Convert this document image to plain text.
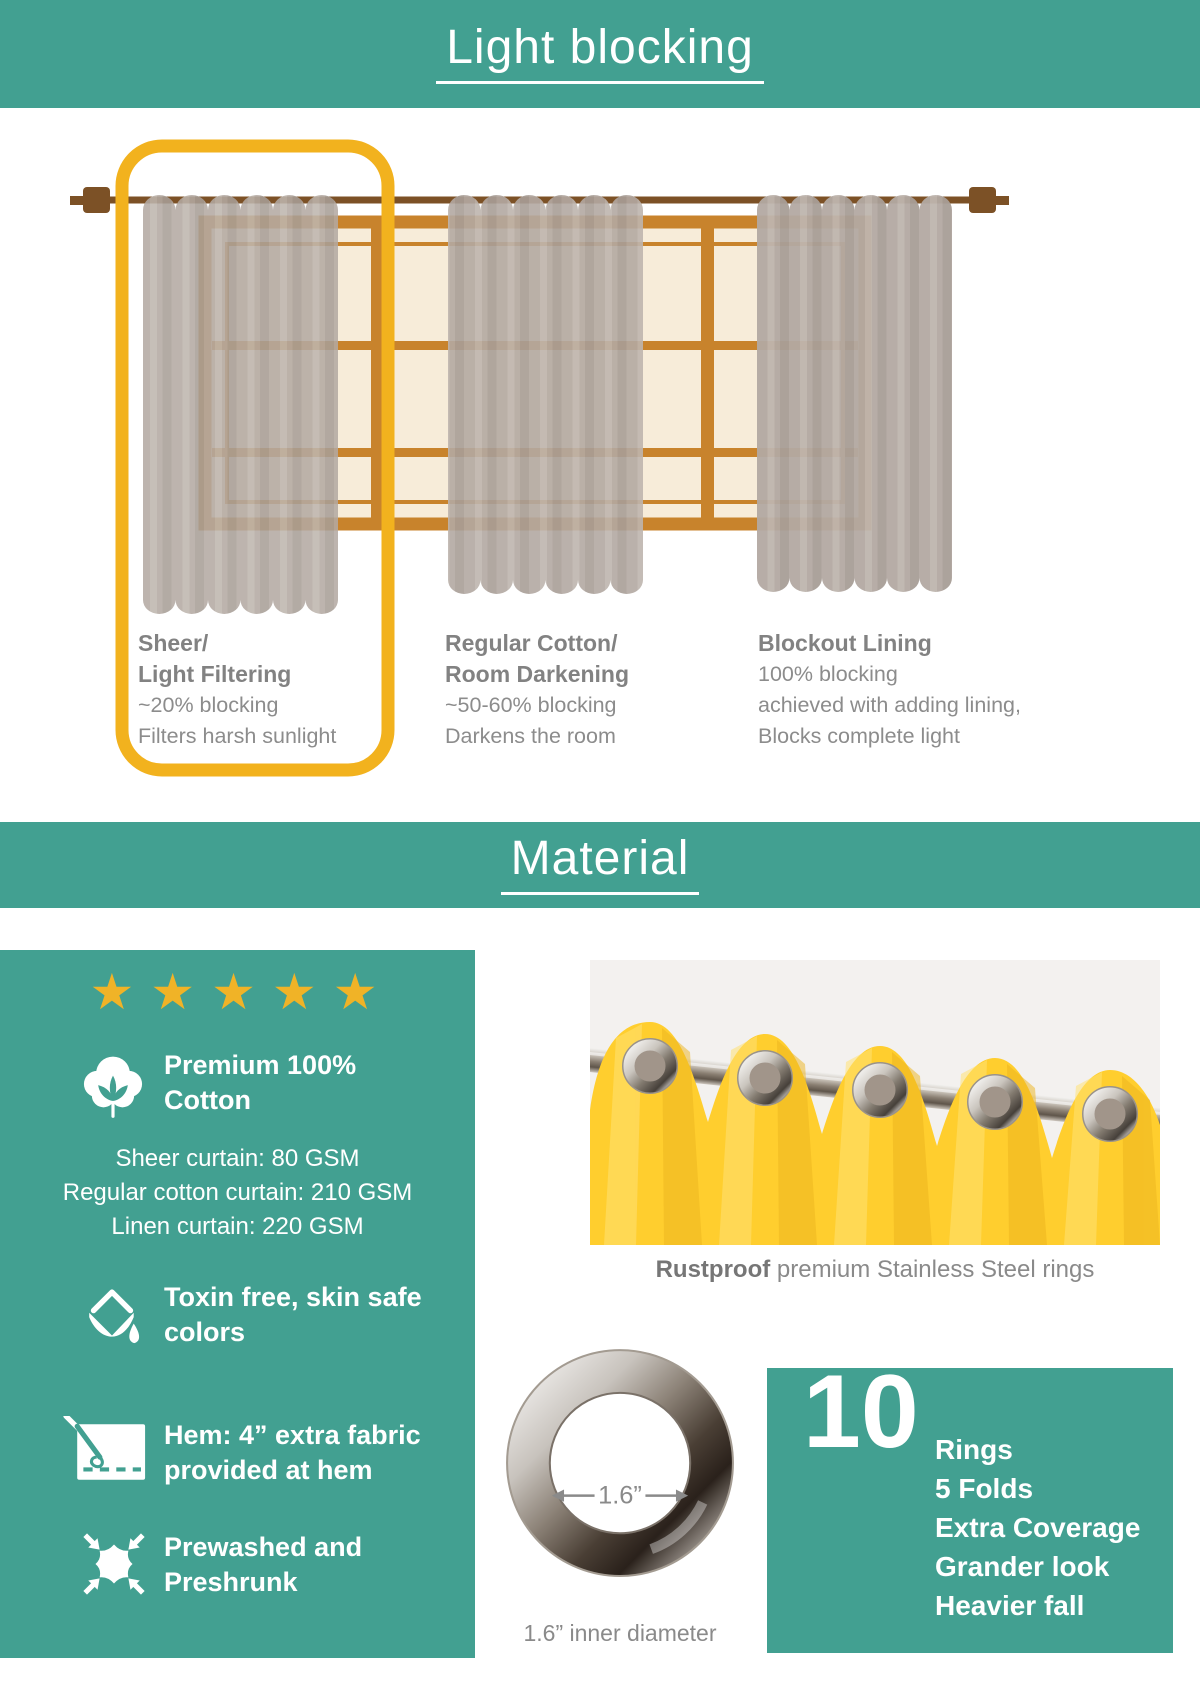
Light blocking
Sheer/
Light Filtering
~20% blocking
Filters harsh sunlight
Regular Cotton/
Room Darkening
~50-60% blocking
Darkens the room
Blockout Lining
100% blocking
achieved with adding lining,
Blocks complete light
Material
★★★★★
Premium 100%
Cotton
Sheer curtain: 80 GSM
Regular cotton curtain: 210 GSM
Linen curtain: 220 GSM
Toxin free, skin safe
colors
Hem: 4” extra fabric
provided at hem
Prewashed and
Preshrunk
Rustproof premium Stainless Steel rings
1.6”
1.6” inner diameter
10 Rings
5 Folds
Extra Coverage
Grander look
Heavier fall
